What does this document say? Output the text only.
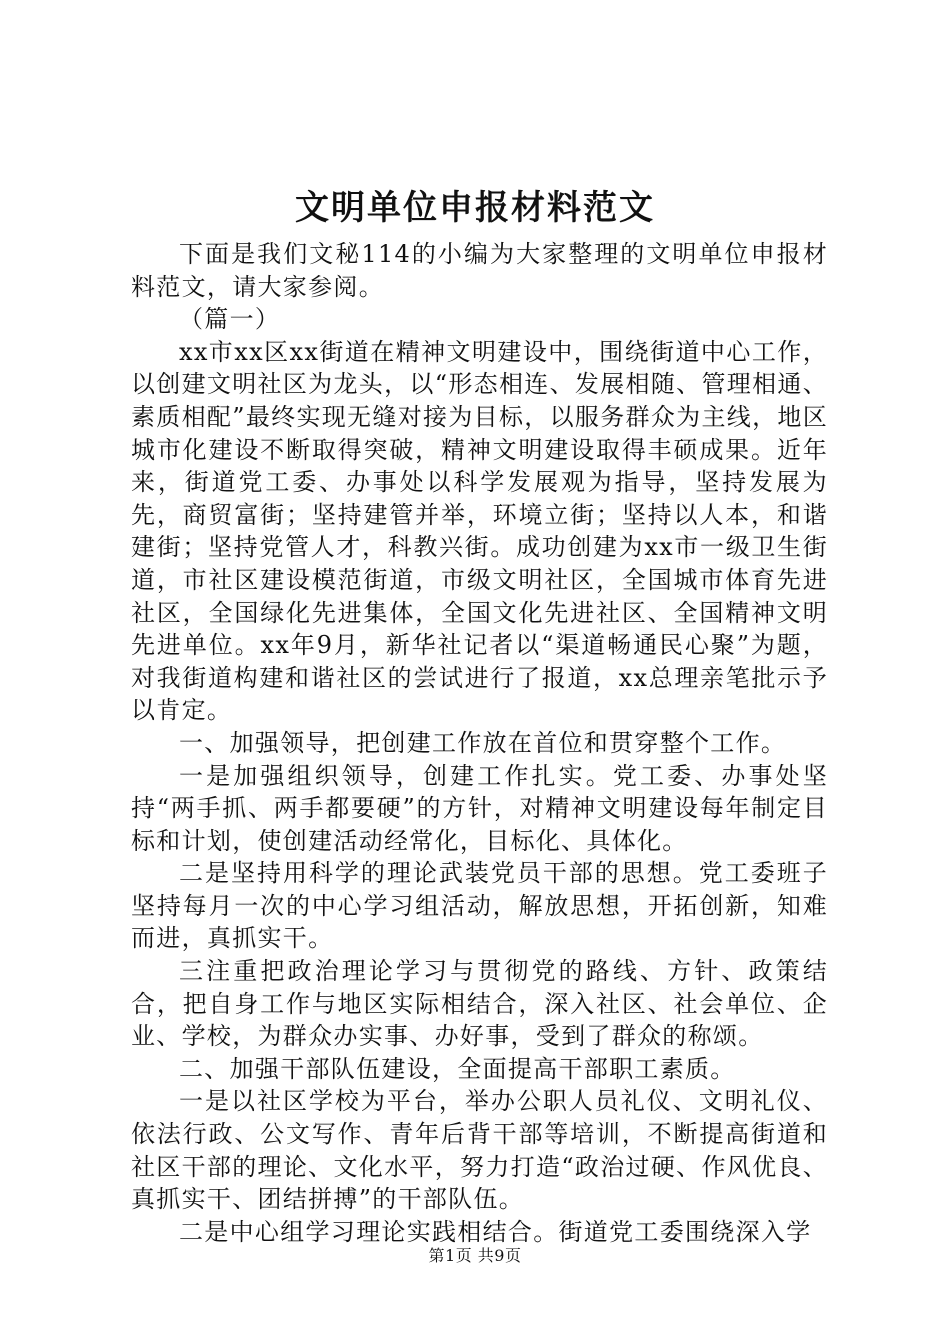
文明单位申报材料范文

下面是我们文秘114的小编为大家整理的文明单位申报材料范文，请大家参阅。

（篇一）

xx市xx区xx街道在精神文明建设中，围绕街道中心工作，以创建文明社区为龙头，以“形态相连、发展相随、管理相通、素质相配”最终实现无缝对接为目标，以服务群众为主线，地区城市化建设不断取得突破，精神文明建设取得丰硕成果。近年来，街道党工委、办事处以科学发展观为指导，坚持发展为先，商贸富街；坚持建管并举，环境立街；坚持以人本，和谐建街；坚持党管人才，科教兴街。成功创建为xx市一级卫生街道，市社区建设模范街道，市级文明社区，全国城市体育先进社区，全国绿化先进集体，全国文化先进社区、全国精神文明先进单位。xx年9月，新华社记者以“渠道畅通民心聚”为题，对我街道构建和谐社区的尝试进行了报道，xx总理亲笔批示予以肯定。

一、加强领导，把创建工作放在首位和贯穿整个工作。

一是加强组织领导，创建工作扎实。党工委、办事处坚持“两手抓、两手都要硬”的方针，对精神文明建设每年制定目标和计划，使创建活动经常化，目标化、具体化。

二是坚持用科学的理论武装党员干部的思想。党工委班子坚持每月一次的中心学习组活动，解放思想，开拓创新，知难而进，真抓实干。

三注重把政治理论学习与贯彻党的路线、方针、政策结合，把自身工作与地区实际相结合，深入社区、社会单位、企业、学校，为群众办实事、办好事，受到了群众的称颂。

二、加强干部队伍建设，全面提高干部职工素质。

一是以社区学校为平台，举办公职人员礼仪、文明礼仪、依法行政、公文写作、青年后背干部等培训，不断提高街道和社区干部的理论、文化水平，努力打造“政治过硬、作风优良、真抓实干、团结拼搏”的干部队伍。

二是中心组学习理论实践相结合。街道党工委围绕深入学

第1页 共9页
